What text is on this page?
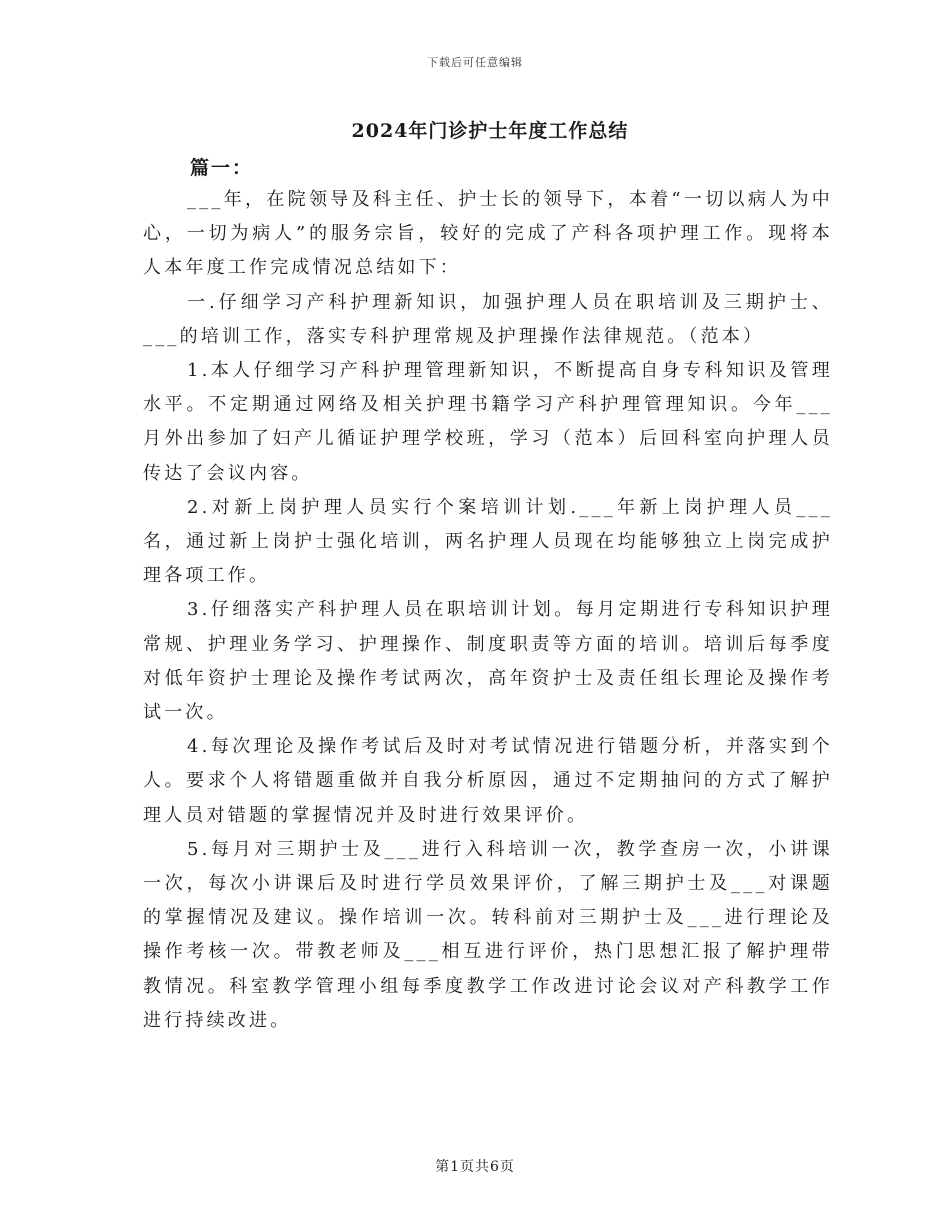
下载后可任意编辑
2024年门诊护士年度工作总结
篇一：

___年，在院领导及科主任、护士长的领导下，本着“一切以病人为中心，一切为病人”的服务宗旨，较好的完成了产科各项护理工作。现将本人本年度工作完成情况总结如下：

一.仔细学习产科护理新知识，加强护理人员在职培训及三期护士、___的培训工作，落实专科护理常规及护理操作法律规范。（范本）

1.本人仔细学习产科护理管理新知识，不断提高自身专科知识及管理水平。不定期通过网络及相关护理书籍学习产科护理管理知识。今年___月外出参加了妇产儿循证护理学校班，学习（范本）后回科室向护理人员传达了会议内容。

2.对新上岗护理人员实行个案培训计划.___年新上岗护理人员___名，通过新上岗护士强化培训，两名护理人员现在均能够独立上岗完成护理各项工作。

3.仔细落实产科护理人员在职培训计划。每月定期进行专科知识护理常规、护理业务学习、护理操作、制度职责等方面的培训。培训后每季度对低年资护士理论及操作考试两次，高年资护士及责任组长理论及操作考试一次。

4.每次理论及操作考试后及时对考试情况进行错题分析，并落实到个人。要求个人将错题重做并自我分析原因，通过不定期抽问的方式了解护理人员对错题的掌握情况并及时进行效果评价。

5.每月对三期护士及___进行入科培训一次，教学查房一次，小讲课一次，每次小讲课后及时进行学员效果评价，了解三期护士及___对课题的掌握情况及建议。操作培训一次。转科前对三期护士及___进行理论及操作考核一次。带教老师及___相互进行评价，热门思想汇报了解护理带教情况。科室教学管理小组每季度教学工作改进讨论会议对产科教学工作进行持续改进。

第1页共6页
